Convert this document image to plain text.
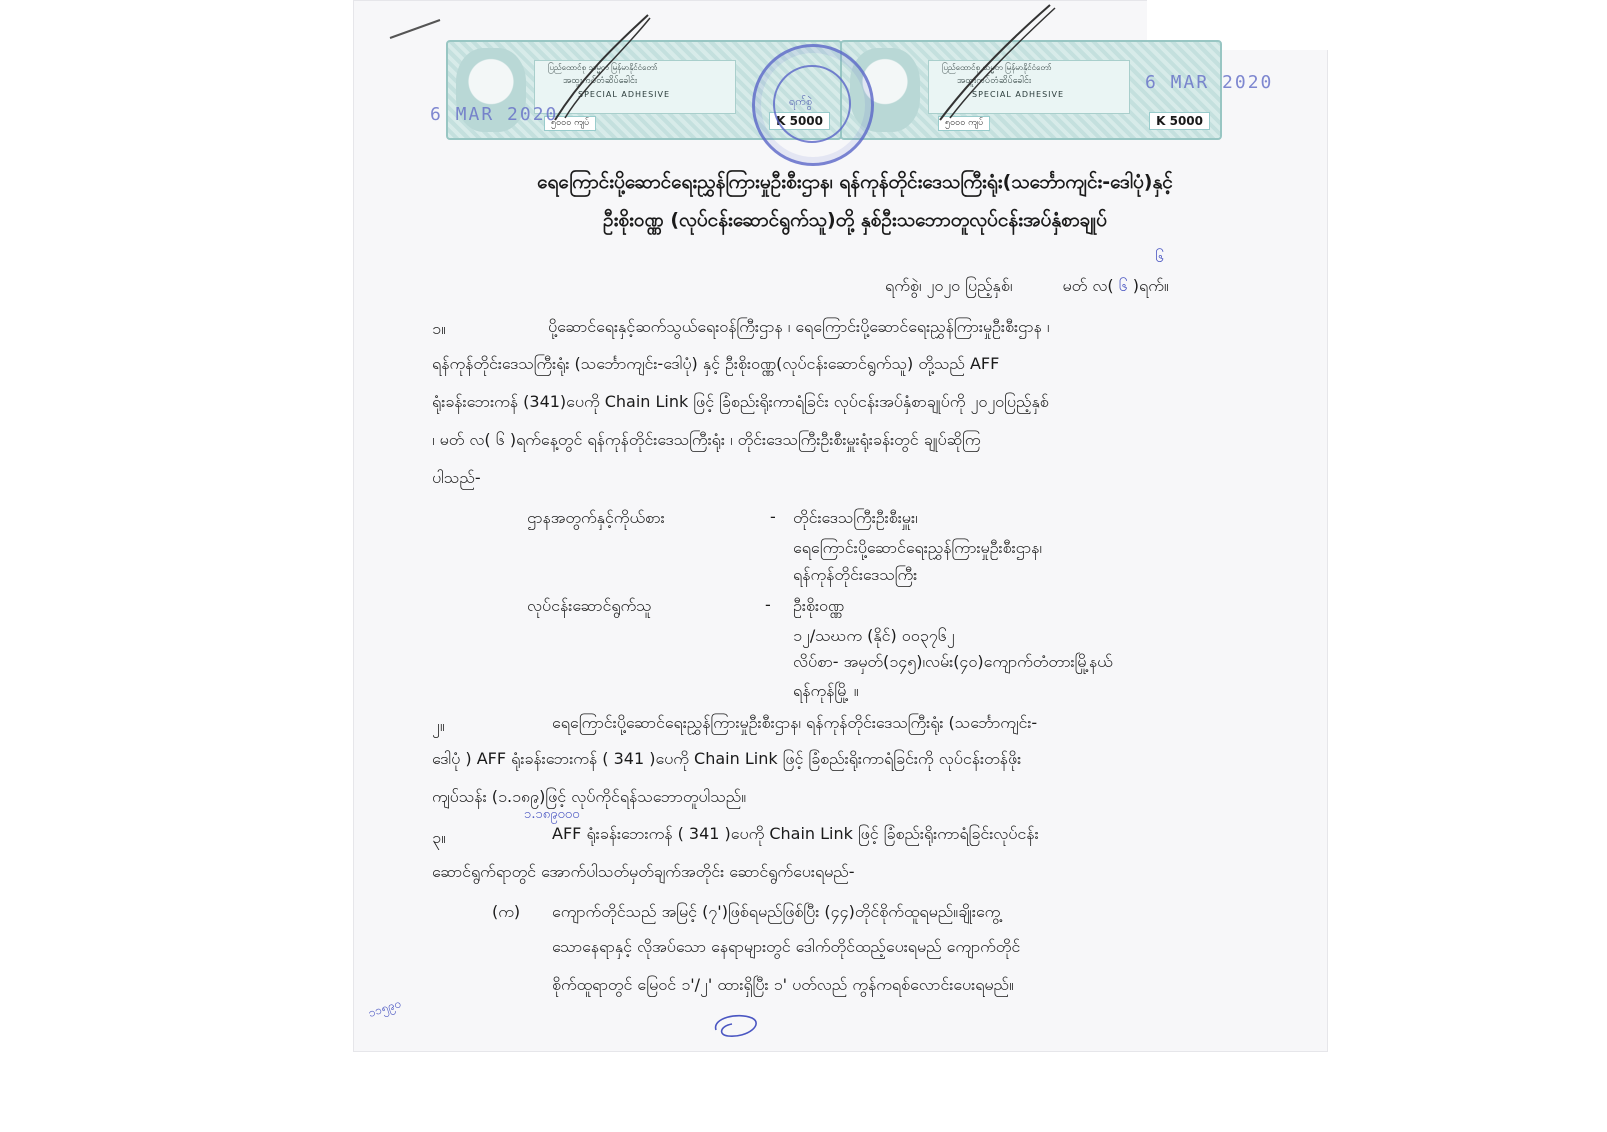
ပြည်ထောင်စု သမ္မတ မြန်မာနိုင်ငံတော်
အထူးကပ်တံဆိပ်ခေါင်း
SPECIAL ADHESIVE
၅၀၀၀ ကျပ်	K 5000
ပြည်ထောင်စု သမ္မတ မြန်မာနိုင်ငံတော်
အထူးကပ်တံဆိပ်ခေါင်း
SPECIAL ADHESIVE
၅၀၀၀ ကျပ်	K 5000
6 MAR 2020
6 MAR 2020
ရက်စွဲ
ရေကြောင်းပို့ဆောင်ရေးညွှန်ကြားမှုဦးစီးဌာန၊ ရန်ကုန်တိုင်းဒေသကြီးရုံး(သင်္ဘောကျင်း-ဒေါပုံ)နှင့်
ဦးစိုးဝဏ္ဏ (လုပ်ငန်းဆောင်ရွက်သူ)တို့ နှစ်ဦးသဘောတူလုပ်ငန်းအပ်နှံစာချုပ်
ရက်စွဲ၊ ၂၀၂၀ ပြည့်နှစ်၊	မတ် လ( ၆ )ရက်။
၆
၁။	ပို့ဆောင်ရေးနှင့်ဆက်သွယ်ရေးဝန်ကြီးဌာန ၊ ရေကြောင်းပို့ဆောင်ရေးညွှန်ကြားမှုဦးစီးဌာန ၊
ရန်ကုန်တိုင်းဒေသကြီးရုံး (သင်္ဘောကျင်း-ဒေါပုံ) နှင့် ဦးစိုးဝဏ္ဏ(လုပ်ငန်းဆောင်ရွက်သူ) တို့သည် AFF
ရုံးခန်းဘေးကန် (341)ပေကို Chain Link ဖြင့် ခြံစည်းရိုးကာရံခြင်း လုပ်ငန်းအပ်နှံစာချုပ်ကို ၂၀၂၀ပြည့်နှစ်
၊ မတ် လ( ၆ )ရက်နေ့တွင် ရန်ကုန်တိုင်းဒေသကြီးရုံး ၊ တိုင်းဒေသကြီးဦးစီးမှူးရုံးခန်းတွင် ချုပ်ဆိုကြ
ပါသည်-
ဌာနအတွက်နှင့်ကိုယ်စား	- တိုင်းဒေသကြီးဦးစီးမှူး၊
ရေကြောင်းပို့ဆောင်ရေးညွှန်ကြားမှုဦးစီးဌာန၊
ရန်ကုန်တိုင်းဒေသကြီး
လုပ်ငန်းဆောင်ရွက်သူ	- ဦးစိုးဝဏ္ဏ
၁၂/သဃက (နိုင်) ၀၀၃၇၆၂
လိပ်စာ- အမှတ်(၁၄၅)၊လမ်း(၄၀)ကျောက်တံတားမြို့နယ်
ရန်ကုန်မြို့ ။
၂။	ရေကြောင်းပို့ဆောင်ရေးညွှန်ကြားမှုဦးစီးဌာန၊ ရန်ကုန်တိုင်းဒေသကြီးရုံး (သင်္ဘောကျင်း-
ဒေါပုံ ) AFF ရုံးခန်းဘေးကန် ( 341 )ပေကို Chain Link ဖြင့် ခြံစည်းရိုးကာရံခြင်းကို လုပ်ငန်းတန်ဖိုး
ကျပ်သန်း (၁.၁၈၉)ဖြင့် လုပ်ကိုင်ရန်သဘောတူပါသည်။
၁.၁၈၉၀၀၀
၃။	AFF ရုံးခန်းဘေးကန် ( 341 )ပေကို Chain Link ဖြင့် ခြံစည်းရိုးကာရံခြင်းလုပ်ငန်း
ဆောင်ရွက်ရာတွင် အောက်ပါသတ်မှတ်ချက်အတိုင်း ဆောင်ရွက်ပေးရမည်-
(က) ကျောက်တိုင်သည် အမြင့် (၇')ဖြစ်ရမည်ဖြစ်ပြီး (၄၄)တိုင်စိုက်ထူရမည်။ချိုးကွေ့
သောနေရာနှင့် လိုအပ်သော နေရာများတွင် ဒေါက်တိုင်ထည့်ပေးရမည် ကျောက်တိုင်
စိုက်ထူရာတွင် မြေဝင် ၁'/၂' ထားရှိပြီး ၁' ပတ်လည် ကွန်ကရစ်လောင်းပေးရမည်။
၁၁၅၉၀
